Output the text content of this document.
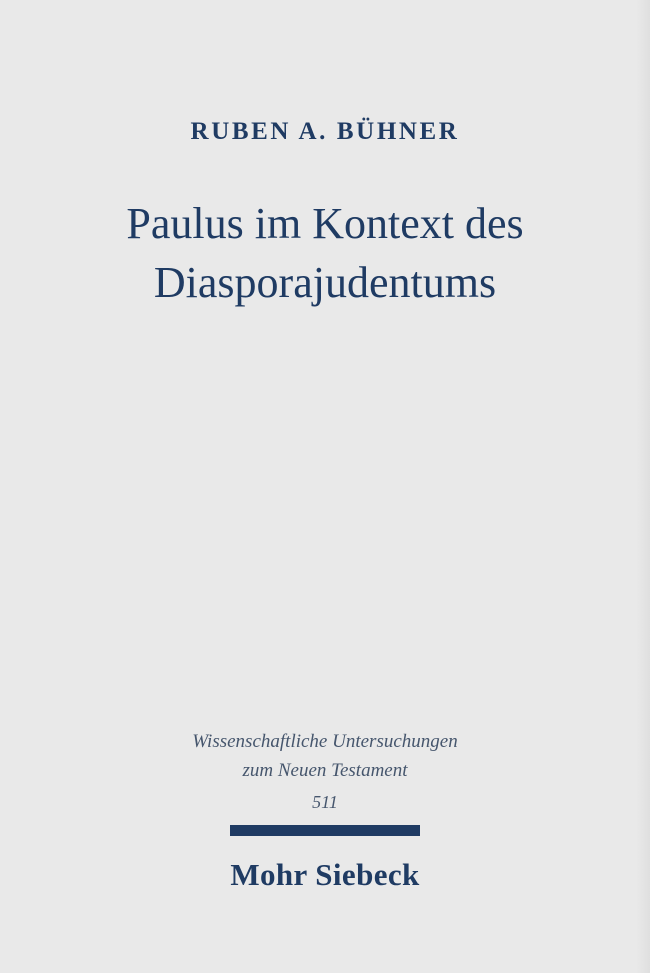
RUBEN A. BÜHNER
Paulus im Kontext des
Diasporajudentums
Wissenschaftliche Untersuchungen
zum Neuen Testament
511
Mohr Siebeck
